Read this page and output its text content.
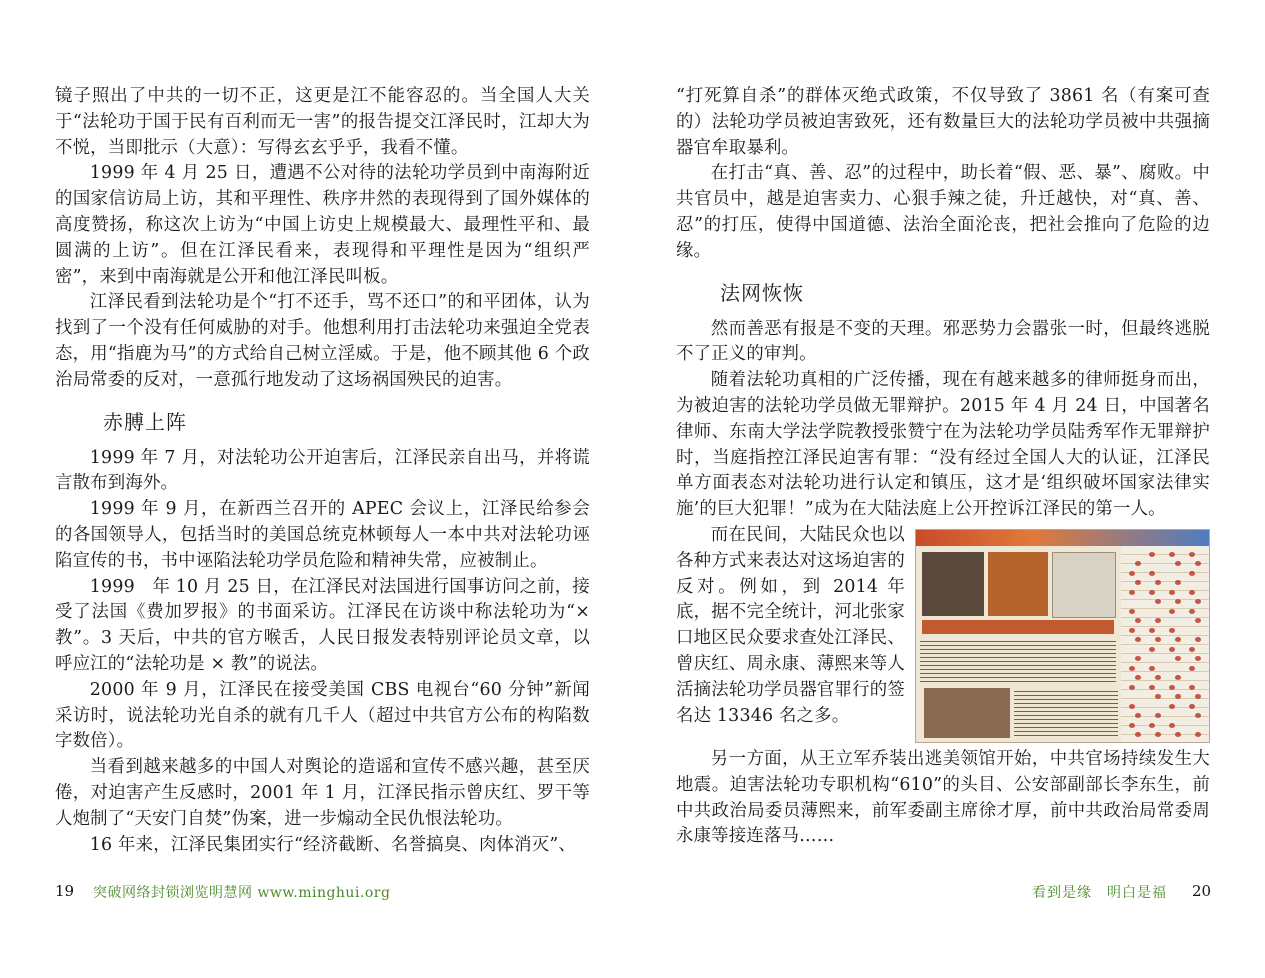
镜子照出了中共的一切不正，这更是江不能容忍的。当全国人大关于“法轮功于国于民有百利而无一害”的报告提交江泽民时，江却大为不悦，当即批示（大意）：写得玄玄乎乎，我看不懂。

1999 年 4 月 25 日，遭遇不公对待的法轮功学员到中南海附近的国家信访局上访，其和平理性、秩序井然的表现得到了国外媒体的高度赞扬，称这次上访为“中国上访史上规模最大、最理性平和、最圆满的上访”。但在江泽民看来，表现得和平理性是因为“组织严密”，来到中南海就是公开和他江泽民叫板。

江泽民看到法轮功是个“打不还手，骂不还口”的和平团体，认为找到了一个没有任何威胁的对手。他想利用打击法轮功来强迫全党表态，用“指鹿为马”的方式给自己树立淫威。于是，他不顾其他 6 个政治局常委的反对，一意孤行地发动了这场祸国殃民的迫害。

赤膊上阵

1999 年 7 月，对法轮功公开迫害后，江泽民亲自出马，并将谎言散布到海外。

1999 年 9 月，在新西兰召开的 APEC 会议上，江泽民给参会的各国领导人，包括当时的美国总统克林顿每人一本中共对法轮功诬陷宣传的书，书中诬陷法轮功学员危险和精神失常，应被制止。

1999　年 10 月 25 日，在江泽民对法国进行国事访问之前，接受了法国《费加罗报》的书面采访。江泽民在访谈中称法轮功为“× 教”。3 天后，中共的官方喉舌，人民日报发表特别评论员文章，以呼应江的“法轮功是 × 教”的说法。

2000 年 9 月，江泽民在接受美国 CBS 电视台“60 分钟”新闻采访时，说法轮功光自杀的就有几千人（超过中共官方公布的构陷数字数倍）。

当看到越来越多的中国人对舆论的造谣和宣传不感兴趣，甚至厌倦，对迫害产生反感时，2001 年 1 月，江泽民指示曾庆红、罗干等人炮制了“天安门自焚”伪案，进一步煽动全民仇恨法轮功。

16 年来，江泽民集团实行“经济截断、名誉搞臭、肉体消灭”、

“打死算自杀”的群体灭绝式政策，不仅导致了 3861 名（有案可查的）法轮功学员被迫害致死，还有数量巨大的法轮功学员被中共强摘器官牟取暴利。

在打击“真、善、忍”的过程中，助长着“假、恶、暴”、腐败。中共官员中，越是迫害卖力、心狠手辣之徒，升迁越快，对“真、善、忍”的打压，使得中国道德、法治全面沦丧，把社会推向了危险的边缘。

法网恢恢

然而善恶有报是不变的天理。邪恶势力会嚣张一时，但最终逃脱不了正义的审判。

随着法轮功真相的广泛传播，现在有越来越多的律师挺身而出，为被迫害的法轮功学员做无罪辩护。2015 年 4 月 24 日，中国著名律师、东南大学法学院教授张赞宁在为法轮功学员陆秀军作无罪辩护时，当庭指控江泽民迫害有罪：“没有经过全国人大的认证，江泽民单方面表态对法轮功进行认定和镇压，这才是‘组织破坏国家法律实施’的巨大犯罪！”成为在大陆法庭上公开控诉江泽民的第一人。

而在民间，大陆民众也以各种方式来表达对这场迫害的反对。例如，到 2014 年底，据不完全统计，河北张家口地区民众要求查处江泽民、曾庆红、周永康、薄熙来等人活摘法轮功学员器官罪行的签名达 13346 名之多。

另一方面，从王立军乔装出逃美领馆开始，中共官场持续发生大地震。迫害法轮功专职机构“610”的头目、公安部副部长李东生，前中共政治局委员薄熙来，前军委副主席徐才厚，前中共政治局常委周永康等接连落马……

19 突破网络封锁浏览明慧网 www.minghui.org	看到是缘　明白是福 20
